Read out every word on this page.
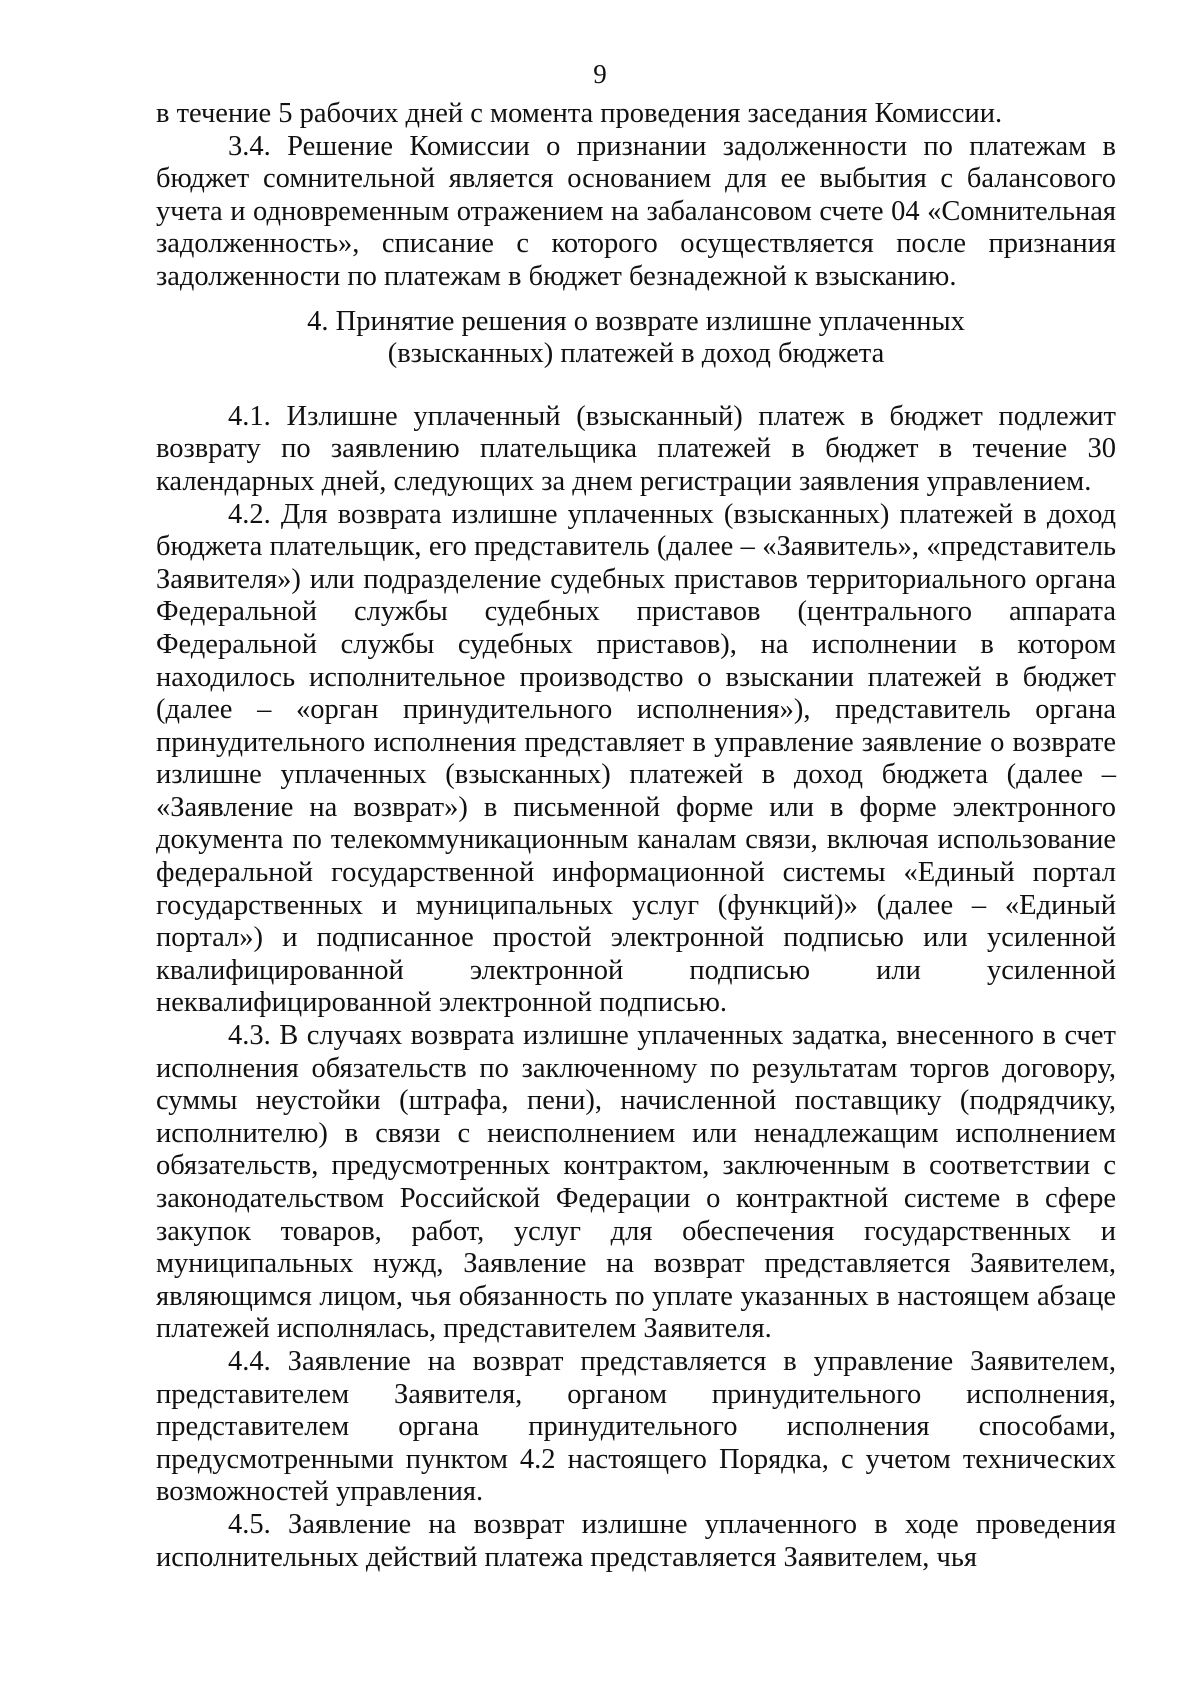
9

в течение 5 рабочих дней с момента проведения заседания Комиссии.

3.4. Решение Комиссии о признании задолженности по платежам в бюджет сомнительной является основанием для ее выбытия с балансового учета и одновременным отражением на забалансовом счете 04 «Сомнительная задолженность», списание с которого осуществляется после признания задолженности по платежам в бюджет безнадежной к взысканию.

4. Принятие решения о возврате излишне уплаченных
(взысканных) платежей в доход бюджета

4.1. Излишне уплаченный (взысканный) платеж в бюджет подлежит возврату по заявлению плательщика платежей в бюджет в течение 30 календарных дней, следующих за днем регистрации заявления управлением.

4.2. Для возврата излишне уплаченных (взысканных) платежей в доход бюджета плательщик, его представитель (далее – «Заявитель», «представитель Заявителя») или подразделение судебных приставов территориального органа Федеральной службы судебных приставов (центрального аппарата Федеральной службы судебных приставов), на исполнении в котором находилось исполнительное производство о взыскании платежей в бюджет (далее – «орган принудительного исполнения»), представитель органа принудительного исполнения представляет в управление заявление о возврате излишне уплаченных (взысканных) платежей в доход бюджета (далее – «Заявление на возврат») в письменной форме или в форме электронного документа по телекоммуникационным каналам связи, включая использование федеральной государственной информационной системы «Единый портал государственных и муниципальных услуг (функций)» (далее – «Единый портал») и подписанное простой электронной подписью или усиленной квалифицированной электронной подписью или усиленной неквалифицированной электронной подписью.

4.3. В случаях возврата излишне уплаченных задатка, внесенного в счет исполнения обязательств по заключенному по результатам торгов договору, суммы неустойки (штрафа, пени), начисленной поставщику (подрядчику, исполнителю) в связи с неисполнением или ненадлежащим исполнением обязательств, предусмотренных контрактом, заключенным в соответствии с законодательством Российской Федерации о контрактной системе в сфере закупок товаров, работ, услуг для обеспечения государственных и муниципальных нужд, Заявление на возврат представляется Заявителем, являющимся лицом, чья обязанность по уплате указанных в настоящем абзаце платежей исполнялась, представителем Заявителя.

4.4. Заявление на возврат представляется в управление Заявителем, представителем Заявителя, органом принудительного исполнения, представителем органа принудительного исполнения способами, предусмотренными пунктом 4.2 настоящего Порядка, с учетом технических возможностей управления.

4.5. Заявление на возврат излишне уплаченного в ходе проведения исполнительных действий платежа представляется Заявителем, чья
